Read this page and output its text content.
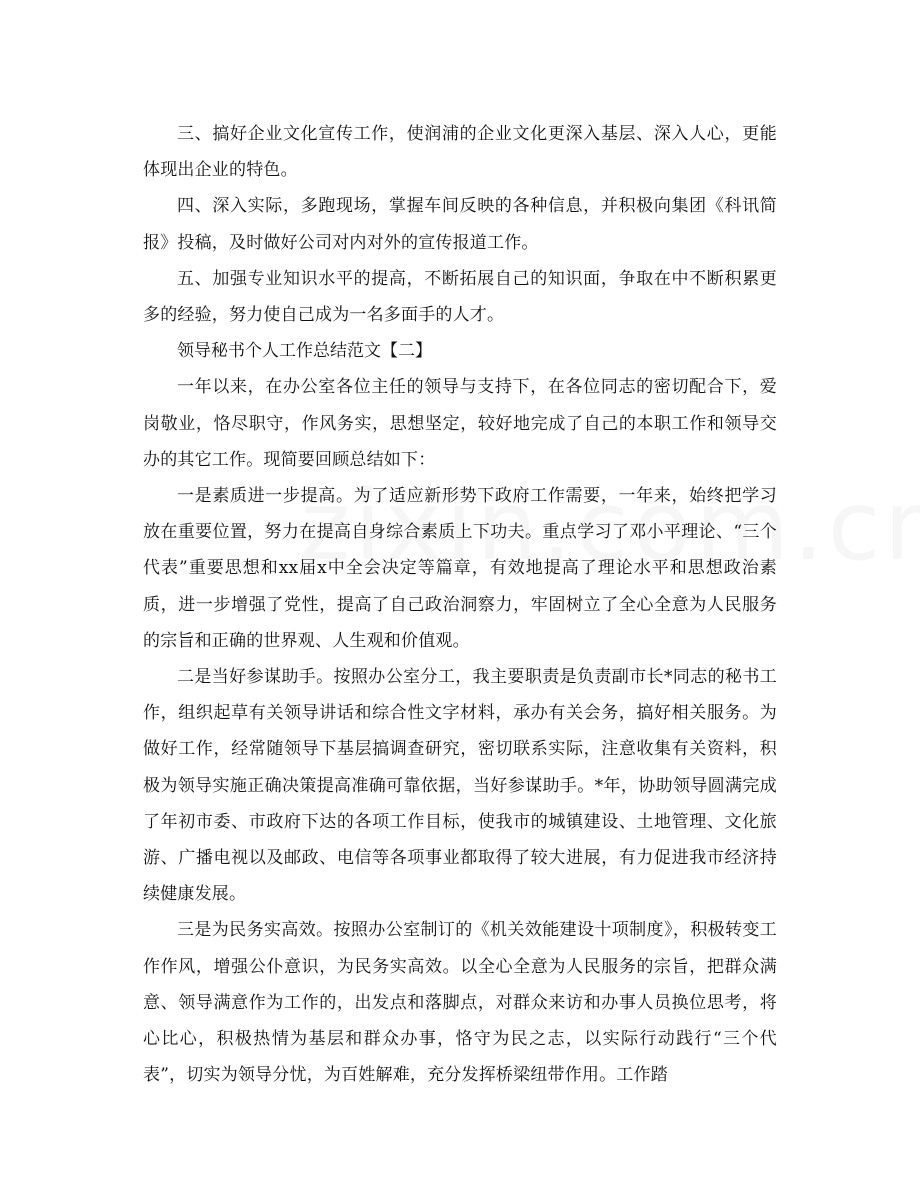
三、搞好企业文化宣传工作，使润浦的企业文化更深入基层、深入人心，更能体现出企业的特色。

四、深入实际，多跑现场，掌握车间反映的各种信息，并积极向集团《科讯简报》投稿，及时做好公司对内对外的宣传报道工作。

五、加强专业知识水平的提高，不断拓展自己的知识面，争取在中不断积累更多的经验，努力使自己成为一名多面手的人才。

领导秘书个人工作总结范文【二】

一年以来，在办公室各位主任的领导与支持下，在各位同志的密切配合下，爱岗敬业，恪尽职守，作风务实，思想坚定，较好地完成了自己的本职工作和领导交办的其它工作。现简要回顾总结如下：

一是素质进一步提高。为了适应新形势下政府工作需要，一年来，始终把学习放在重要位置，努力在提高自身综合素质上下功夫。重点学习了邓小平理论、“三个代表”重要思想和xx届x中全会决定等篇章，有效地提高了理论水平和思想政治素质，进一步增强了党性，提高了自己政治洞察力，牢固树立了全心全意为人民服务的宗旨和正确的世界观、人生观和价值观。

二是当好参谋助手。按照办公室分工，我主要职责是负责副市长*同志的秘书工作，组织起草有关领导讲话和综合性文字材料，承办有关会务，搞好相关服务。为做好工作，经常随领导下基层搞调查研究，密切联系实际，注意收集有关资料，积极为领导实施正确决策提高准确可靠依据，当好参谋助手。*年，协助领导圆满完成了年初市委、市政府下达的各项工作目标，使我市的城镇建设、土地管理、文化旅游、广播电视以及邮政、电信等各项事业都取得了较大进展，有力促进我市经济持续健康发展。

三是为民务实高效。按照办公室制订的《机关效能建设十项制度》，积极转变工作作风，增强公仆意识，为民务实高效。以全心全意为人民服务的宗旨，把群众满意、领导满意作为工作的，出发点和落脚点，对群众来访和办事人员换位思考，将心比心，积极热情为基层和群众办事，恪守为民之志，以实际行动践行“三个代表”，切实为领导分忧，为百姓解难，充分发挥桥梁纽带作用。工作踏
